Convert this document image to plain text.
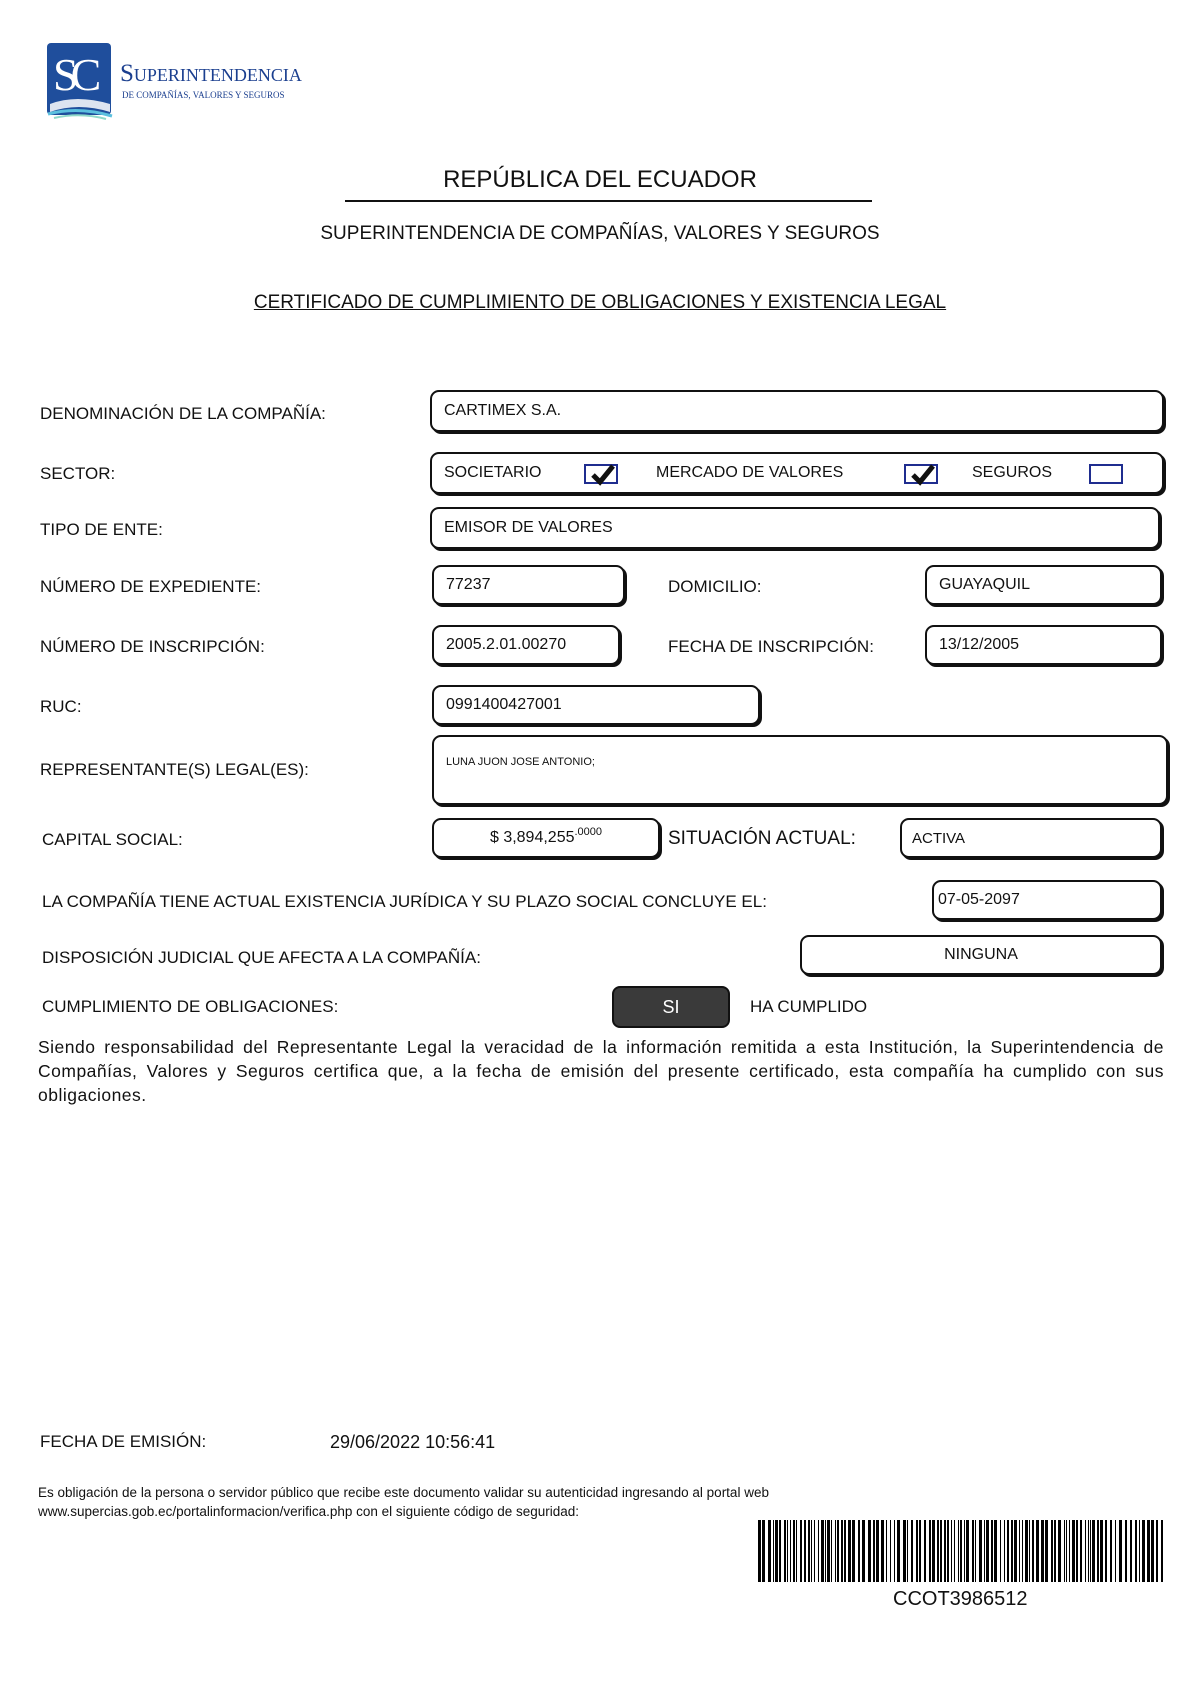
SC Superintendencia
DE COMPAÑÍAS, VALORES Y SEGUROS
REPÚBLICA DEL ECUADOR
SUPERINTENDENCIA DE COMPAÑÍAS, VALORES Y SEGUROS
CERTIFICADO DE CUMPLIMIENTO DE OBLIGACIONES Y EXISTENCIA LEGAL
DENOMINACIÓN DE LA COMPAÑÍA:	CARTIMEX S.A.
SECTOR:	SOCIETARIO	MERCADO DE VALORES	SEGUROS
TIPO DE ENTE:	EMISOR DE VALORES
NÚMERO DE EXPEDIENTE:	77237	DOMICILIO:	GUAYAQUIL
NÚMERO DE INSCRIPCIÓN:	2005.2.01.00270	FECHA DE INSCRIPCIÓN:	13/12/2005
RUC:	0991400427001
REPRESENTANTE(S) LEGAL(ES):	LUNA JUON JOSE ANTONIO;
CAPITAL SOCIAL:	$ 3,894,255 .0000	SITUACIÓN ACTUAL:	ACTIVA
LA COMPAÑÍA TIENE ACTUAL EXISTENCIA JURÍDICA Y SU PLAZO SOCIAL CONCLUYE EL:	07-05-2097
DISPOSICIÓN JUDICIAL QUE AFECTA A LA COMPAÑÍA:	NINGUNA
CUMPLIMIENTO DE OBLIGACIONES:	SI	HA CUMPLIDO
Siendo responsabilidad del Representante Legal la veracidad de la información remitida a esta Institución, la Superintendencia de Compañías, Valores y Seguros certifica que, a la fecha de emisión del presente certificado, esta compañía ha cumplido con sus obligaciones.
FECHA DE EMISIÓN:	29/06/2022 10:56:41
Es obligación de la persona o servidor público que recibe este documento validar su autenticidad ingresando al portal web
www.supercias.gob.ec/portalinformacion/verifica.php con el siguiente código de seguridad:
CCOT3986512
